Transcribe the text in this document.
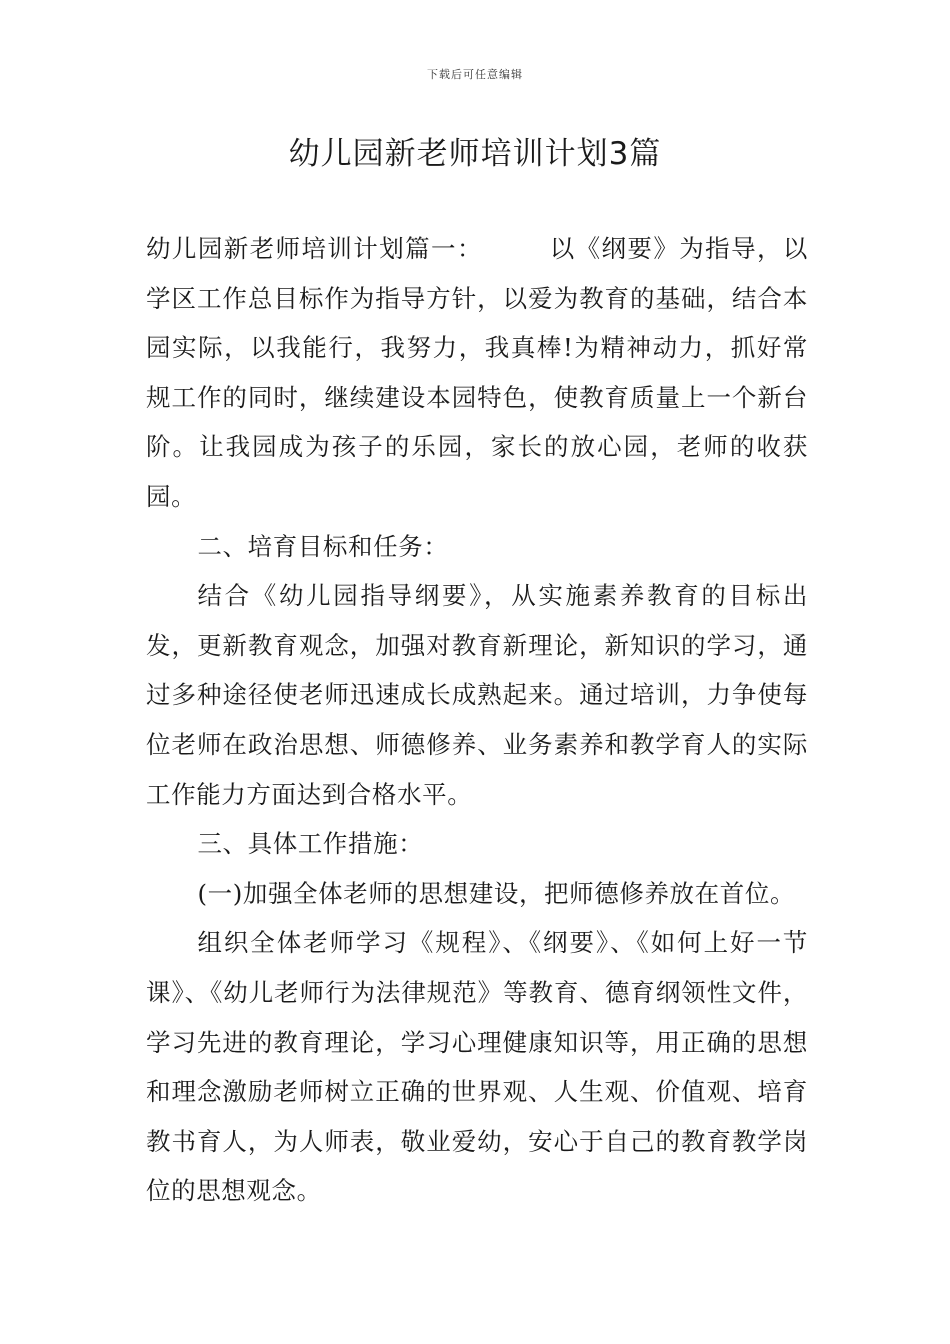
下载后可任意编辑
幼儿园新老师培训计划3篇

幼儿园新老师培训计划篇一：	以《纲要》为指导，以学区工作总目标作为指导方针，以爱为教育的基础，结合本园实际，以我能行，我努力，我真棒!为精神动力，抓好常规工作的同时，继续建设本园特色，使教育质量上一个新台阶。让我园成为孩子的乐园，家长的放心园，老师的收获园。

二、培育目标和任务：

结合《幼儿园指导纲要》，从实施素养教育的目标出发，更新教育观念，加强对教育新理论，新知识的学习，通过多种途径使老师迅速成长成熟起来。通过培训，力争使每位老师在政治思想、师德修养、业务素养和教学育人的实际工作能力方面达到合格水平。

三、具体工作措施：

(一)加强全体老师的思想建设，把师德修养放在首位。

组织全体老师学习《规程》、《纲要》、《如何上好一节课》、《幼儿老师行为法律规范》等教育、德育纲领性文件，学习先进的教育理论，学习心理健康知识等，用正确的思想和理念激励老师树立正确的世界观、人生观、价值观、培育教书育人，为人师表，敬业爱幼，安心于自己的教育教学岗位的思想观念。
